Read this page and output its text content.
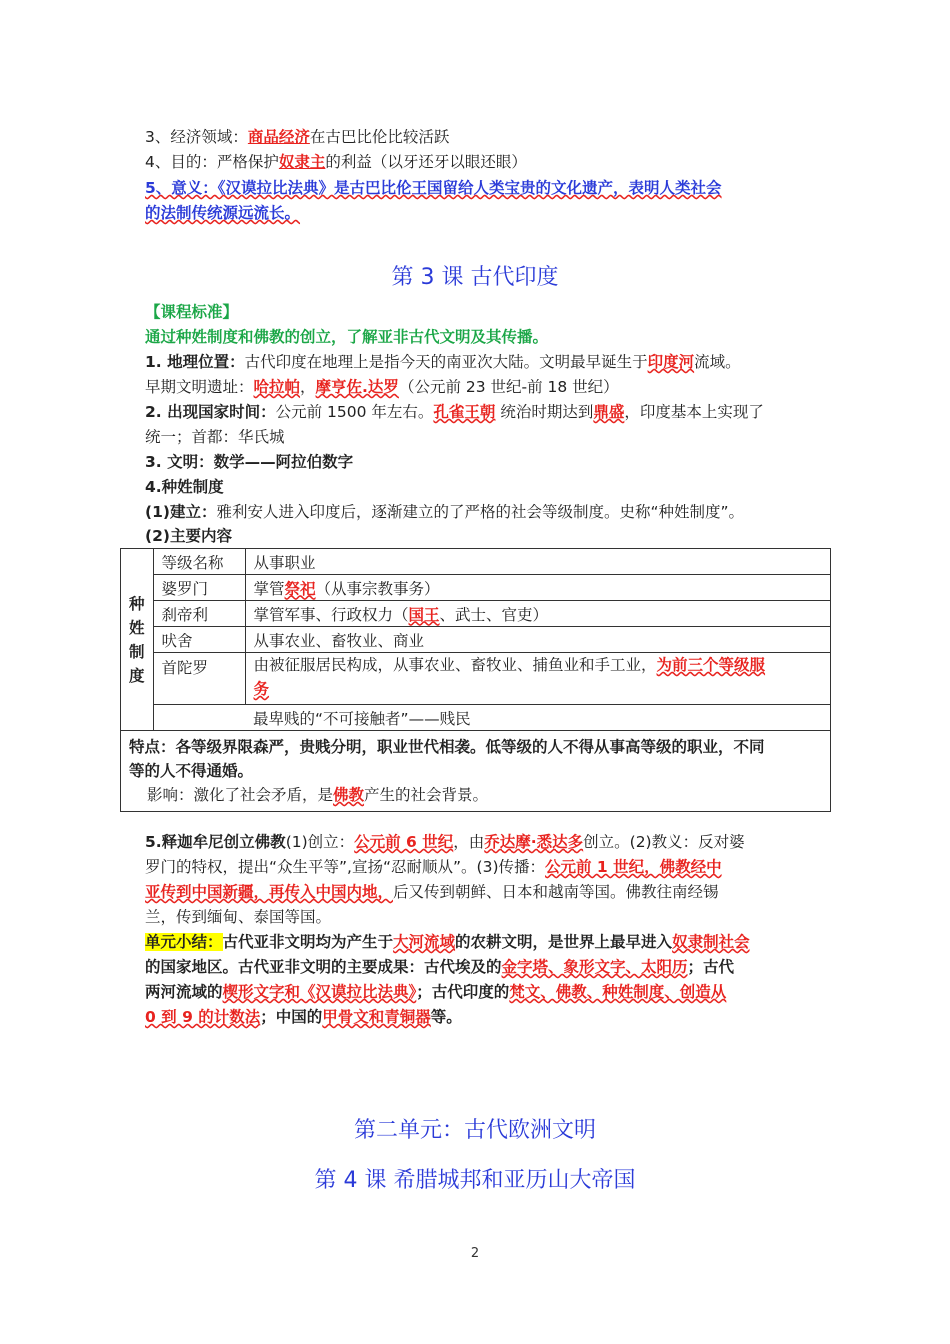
3、经济领域：商品经济在古巴比伦比较活跃
4、目的：严格保护奴隶主的利益（以牙还牙以眼还眼）
5、意义：《汉谟拉比法典》是古巴比伦王国留给人类宝贵的文化遗产，表明人类社会
的法制传统源远流长。
第 3 课 古代印度
【课程标准】
通过种姓制度和佛教的创立，了解亚非古代文明及其传播。
1. 地理位置：古代印度在地理上是指今天的南亚次大陆。文明最早诞生于印度河流域。
早期文明遗址：哈拉帕，摩亨佐.达罗（公元前 23 世纪-前 18 世纪）
2. 出现国家时间：公元前 1500 年左右。孔雀王朝 统治时期达到鼎盛，印度基本上实现了
统一；首都：华氏城
3. 文明：数学——阿拉伯数字
4.种姓制度
(1)建立：雅利安人进入印度后，逐渐建立的了严格的社会等级制度。史称“种姓制度”。
(2)主要内容
种
姓
制
度	等级名称	从事职业
	婆罗门	掌管祭祀（从事宗教事务）
	刹帝利	掌管军事、行政权力（国王、武士、官吏）
	吠舍	从事农业、畜牧业、商业
	首陀罗	由被征服居民构成，从事农业、畜牧业、捕鱼业和手工业，为前三个等级服
务
		最卑贱的“不可接触者”——贱民
特点：各等级界限森严，贵贱分明，职业世代相袭。低等级的人不得从事高等级的职业，不同
等的人不得通婚。
影响：激化了社会矛盾，是佛教产生的社会背景。		
5.释迦牟尼创立佛教(1)创立：公元前 6 世纪，由乔达摩·悉达多创立。(2)教义：反对婆
罗门的特权，提出“众生平等”,宣扬“忍耐顺从”。(3)传播：公元前 1 世纪，佛教经中
亚传到中国新疆，再传入中国内地，后又传到朝鲜、日本和越南等国。佛教往南经锡
兰，传到缅甸、泰国等国。
单元小结：古代亚非文明均为产生于大河流域的农耕文明，是世界上最早进入奴隶制社会
的国家地区。古代亚非文明的主要成果：古代埃及的金字塔、象形文字、太阳历；古代
两河流域的楔形文字和《汉谟拉比法典》；古代印度的梵文、佛教、种姓制度、创造从
0 到 9 的计数法；中国的甲骨文和青铜器等。
第二单元：古代欧洲文明
第 4 课 希腊城邦和亚历山大帝国
2
